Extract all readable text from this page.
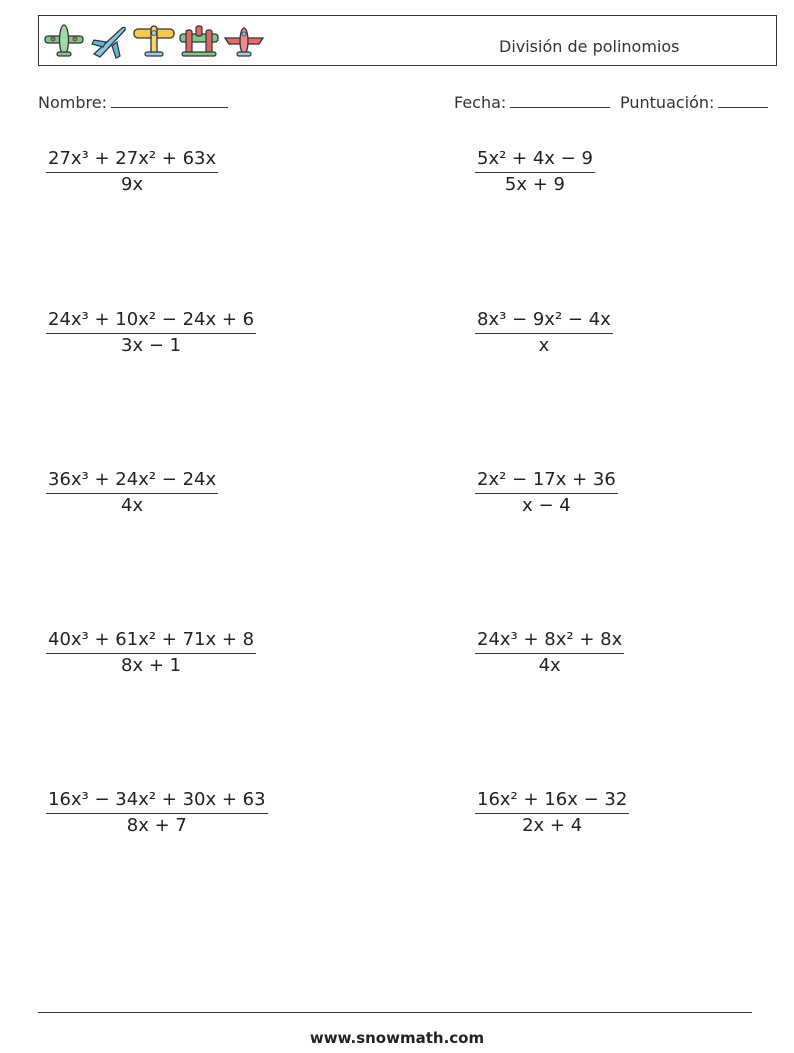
División de polinomios
Nombre:	Fecha:	Puntuación:
$\frac{\text{27x³ + 27x² + 63x}}{9x}$	$\frac{\text{5x² + 4x − 9}}{5x + 9}$
$\frac{\text{24x³ + 10x² − 24x + 6}}{3x - 1}$	$\frac{\text{8x³ − 9x² − 4x}}{x}$
$\frac{\text{36x³ + 24x² − 24x}}{4x}$	$\frac{\text{2x² − 17x + 36}}{x - 4}$
$\frac{\text{40x³ + 61x² + 71x + 8}}{8x + 1}$	$\frac{\text{24x³ + 8x² + 8x}}{4x}$
$\frac{\text{16x³ − 34x² + 30x + 63}}{8x + 7}$	$\frac{\text{16x² + 16x − 32}}{2x + 4}$
www.snowmath.com
